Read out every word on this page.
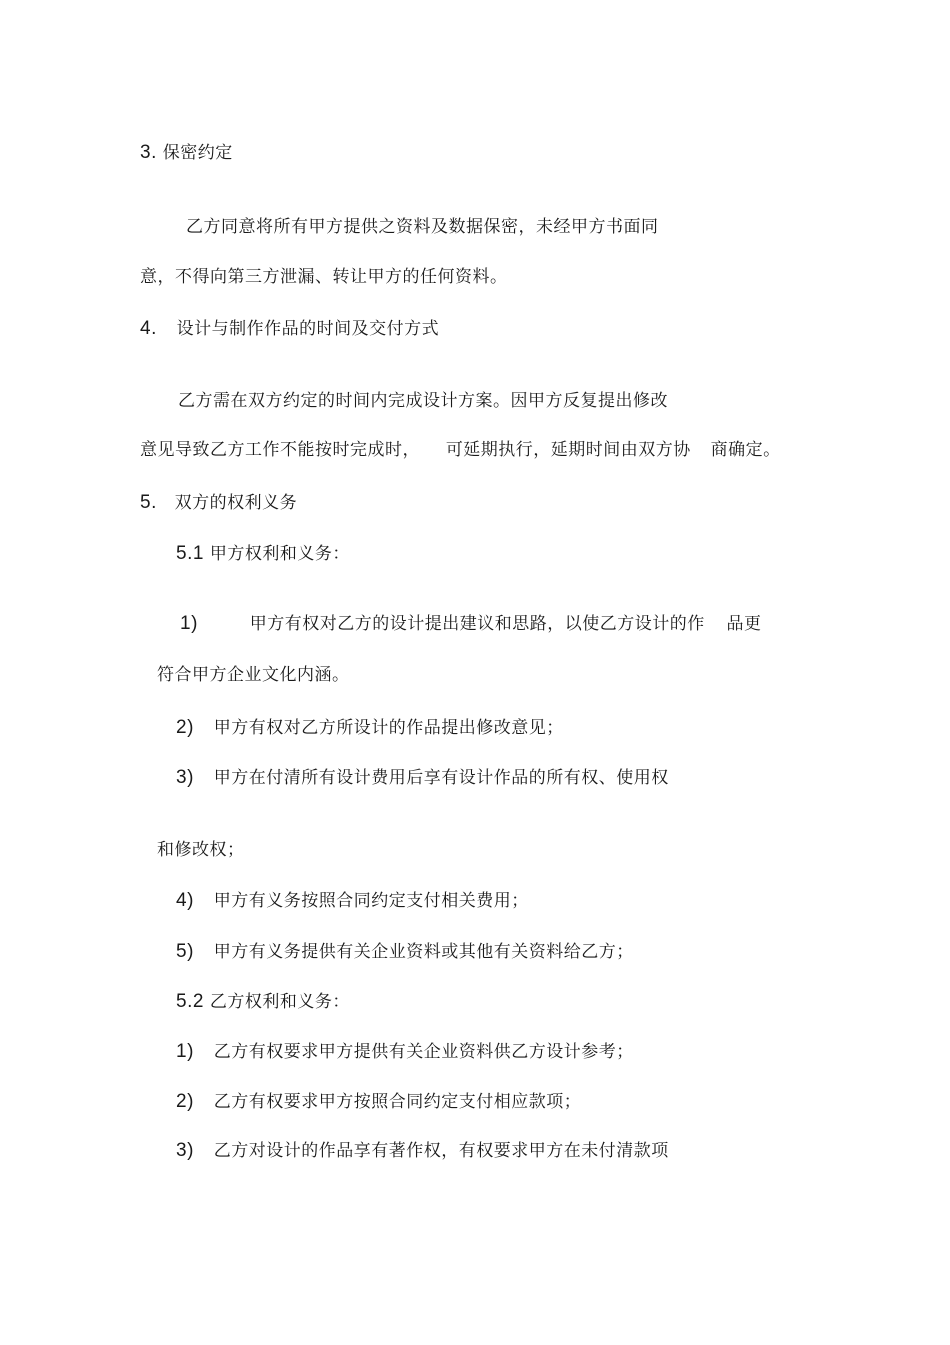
3. 保密约定
乙方同意将所有甲方提供之资料及数据保密，未经甲方书面同
意，不得向第三方泄漏、转让甲方的任何资料。
4. 设计与制作作品的时间及交付方式
乙方需在双方约定的时间内完成设计方案。因甲方反复提出修改
意见导致乙方工作不能按时完成时， 可延期执行，延期时间由双方协 商确定。
5. 双方的权利义务
5.1 甲方权利和义务：
1)	甲方有权对乙方的设计提出建议和思路，以使乙方设计的作 品更
符合甲方企业文化内涵。
2) 甲方有权对乙方所设计的作品提出修改意见；
3) 甲方在付清所有设计费用后享有设计作品的所有权、使用权
和修改权；
4) 甲方有义务按照合同约定支付相关费用；
5) 甲方有义务提供有关企业资料或其他有关资料给乙方；
5.2 乙方权利和义务：
1) 乙方有权要求甲方提供有关企业资料供乙方设计参考；
2) 乙方有权要求甲方按照合同约定支付相应款项；
3) 乙方对设计的作品享有著作权，有权要求甲方在未付清款项
